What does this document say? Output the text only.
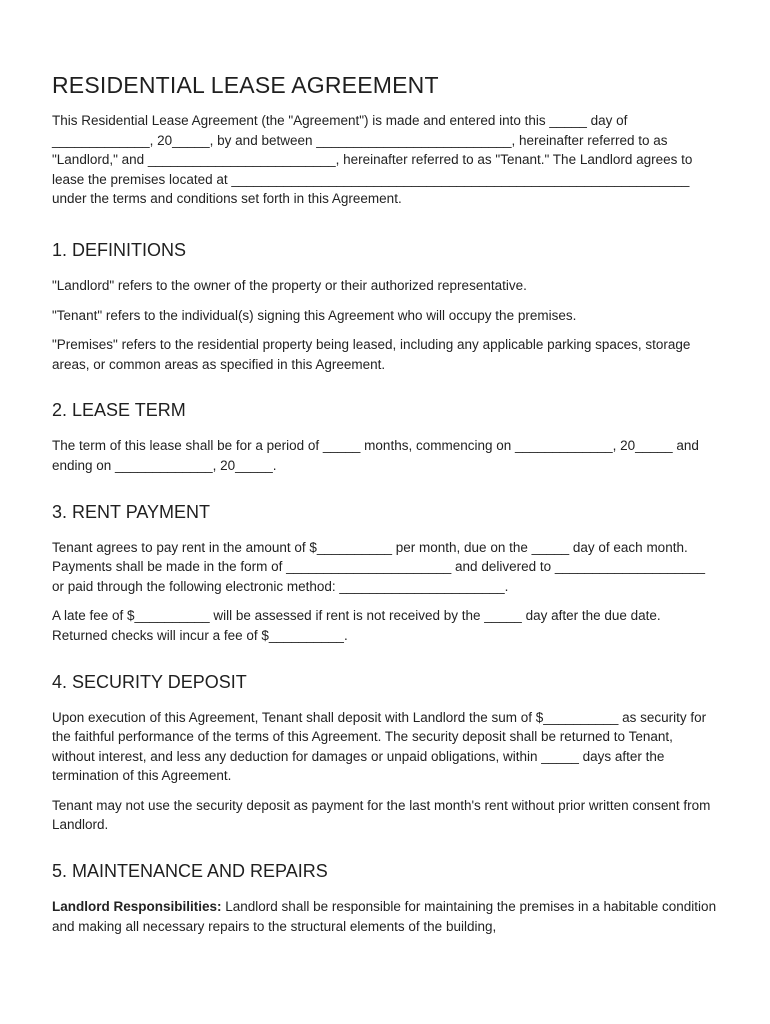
RESIDENTIAL LEASE AGREEMENT

This Residential Lease Agreement (the "Agreement") is made and entered into this _____ day of _____________, 20_____, by and between __________________________, hereinafter referred to as "Landlord," and _________________________, hereinafter referred to as "Tenant." The Landlord agrees to lease the premises located at _____________________________________________________________ under the terms and conditions set forth in this Agreement.

1. DEFINITIONS

"Landlord" refers to the owner of the property or their authorized representative.

"Tenant" refers to the individual(s) signing this Agreement who will occupy the premises.

"Premises" refers to the residential property being leased, including any applicable parking spaces, storage areas, or common areas as specified in this Agreement.

2. LEASE TERM

The term of this lease shall be for a period of _____ months, commencing on _____________, 20_____ and ending on _____________, 20_____.

3. RENT PAYMENT

Tenant agrees to pay rent in the amount of $__________ per month, due on the _____ day of each month. Payments shall be made in the form of ______________________ and delivered to ____________________ or paid through the following electronic method: ______________________.

A late fee of $__________ will be assessed if rent is not received by the _____ day after the due date. Returned checks will incur a fee of $__________.

4. SECURITY DEPOSIT

Upon execution of this Agreement, Tenant shall deposit with Landlord the sum of $__________ as security for the faithful performance of the terms of this Agreement. The security deposit shall be returned to Tenant, without interest, and less any deduction for damages or unpaid obligations, within _____ days after the termination of this Agreement.

Tenant may not use the security deposit as payment for the last month's rent without prior written consent from Landlord.

5. MAINTENANCE AND REPAIRS

Landlord Responsibilities: Landlord shall be responsible for maintaining the premises in a habitable condition and making all necessary repairs to the structural elements of the building,
